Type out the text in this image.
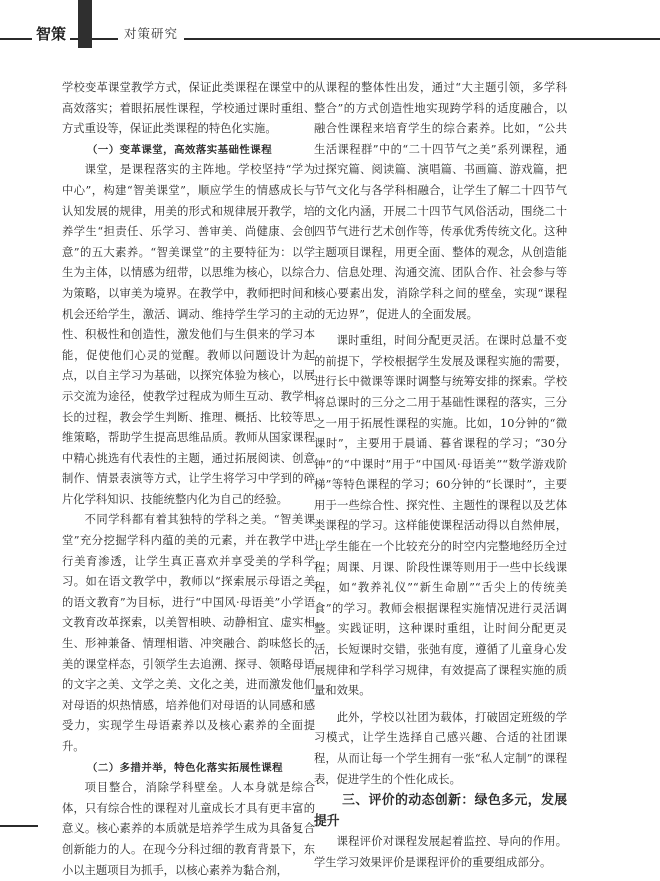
智策	对策研究

学校变革课堂教学方式，保证此类课程在课堂中的高效落实；着眼拓展性课程，学校通过课时重组、方式重设等，保证此类课程的特色化实施。

（一）变革课堂，高效落实基础性课程

课堂，是课程落实的主阵地。学校坚持“学为中心”，构建“智美课堂”，顺应学生的情感成长与认知发展的规律，用美的形式和规律展开教学，培养学生“担责任、乐学习、善审美、尚健康、会创意”的五大素养。“智美课堂”的主要特征为：以学生为主体，以情感为纽带，以思维为核心，以综合为策略，以审美为境界。在教学中，教师把时间和机会还给学生，激活、调动、维持学生学习的主动性、积极性和创造性，激发他们与生俱来的学习本能，促使他们心灵的觉醒。教师以问题设计为起点，以自主学习为基础，以探究体验为核心，以展示交流为途径，使教学过程成为师生互动、教学相长的过程，教会学生判断、推理、概括、比较等思维策略，帮助学生提高思维品质。教师从国家课程中精心挑选有代表性的主题，通过拓展阅读、创意制作、情景表演等方式，让学生将学习中学到的碎片化学科知识、技能统整内化为自己的经验。

不同学科都有着其独特的学科之美。“智美课堂”充分挖掘学科内蕴的美的元素，并在教学中进行美育渗透，让学生真正喜欢并享受美的学科学习。如在语文教学中，教师以“探索展示母语之美的语文教育”为目标，进行“中国风·母语美”小学语文教育改革探索，以美智相映、动静相宜、虚实相生、形神兼备、情理相谐、冲突融合、韵味悠长的美的课堂样态，引领学生去追溯、探寻、领略母语的文字之美、文学之美、文化之美，进而激发他们对母语的炽热情感，培养他们对母语的认同感和感受力，实现学生母语素养以及核心素养的全面提升。

（二）多措并举，特色化落实拓展性课程

项目整合，消除学科壁垒。人本身就是综合体，只有综合性的课程对儿童成长才具有更丰富的意义。核心素养的本质就是培养学生成为具备复合创新能力的人。在现今分科过细的教育背景下，东小以主题项目为抓手，以核心素养为黏合剂，

从课程的整体性出发，通过“大主题引领，多学科整合”的方式创造性地实现跨学科的适度融合，以融合性课程来培育学生的综合素养。比如，“公共生活课程群”中的“二十四节气之美”系列课程，通过探究篇、阅读篇、演唱篇、书画篇、游戏篇，把节气文化与各学科相融合，让学生了解二十四节气的文化内涵，开展二十四节气风俗活动，围绕二十四节气进行艺术创作等，传承优秀传统文化。这种主题项目课程，用更全面、整体的观念，从创造能力、信息处理、沟通交流、团队合作、社会参与等核心要素出发，消除学科之间的壁垒，实现“课程的无边界”，促进人的全面发展。

课时重组，时间分配更灵活。在课时总量不变的前提下，学校根据学生发展及课程实施的需要，进行长中微课等课时调整与统筹安排的探索。学校将总课时的三分之二用于基础性课程的落实，三分之一用于拓展性课程的实施。比如，10分钟的“微课时”，主要用于晨诵、暮省课程的学习；“30分钟”的“中课时”用于“中国风·母语美”“数学游戏阶梯”等特色课程的学习；60分钟的“长课时”，主要用于一些综合性、探究性、主题性的课程以及艺体类课程的学习。这样能使课程活动得以自然伸展，让学生能在一个比较充分的时空内完整地经历全过程；周课、月课、阶段性课等则用于一些中长线课程，如“教养礼仪”“新生命剧”“舌尖上的传统美食”的学习。教师会根据课程实施情况进行灵活调整。实践证明，这种课时重组，让时间分配更灵活，长短课时交错，张弛有度，遵循了儿童身心发展规律和学科学习规律，有效提高了课程实施的质量和效果。

此外，学校以社团为载体，打破固定班级的学习模式，让学生选择自己感兴趣、合适的社团课程，从而让每一个学生拥有一张“私人定制”的课程表，促进学生的个性化成长。

三、评价的动态创新：绿色多元，发展提升

课程评价对课程发展起着监控、导向的作用。学生学习效果评价是课程评价的重要组成部分。
